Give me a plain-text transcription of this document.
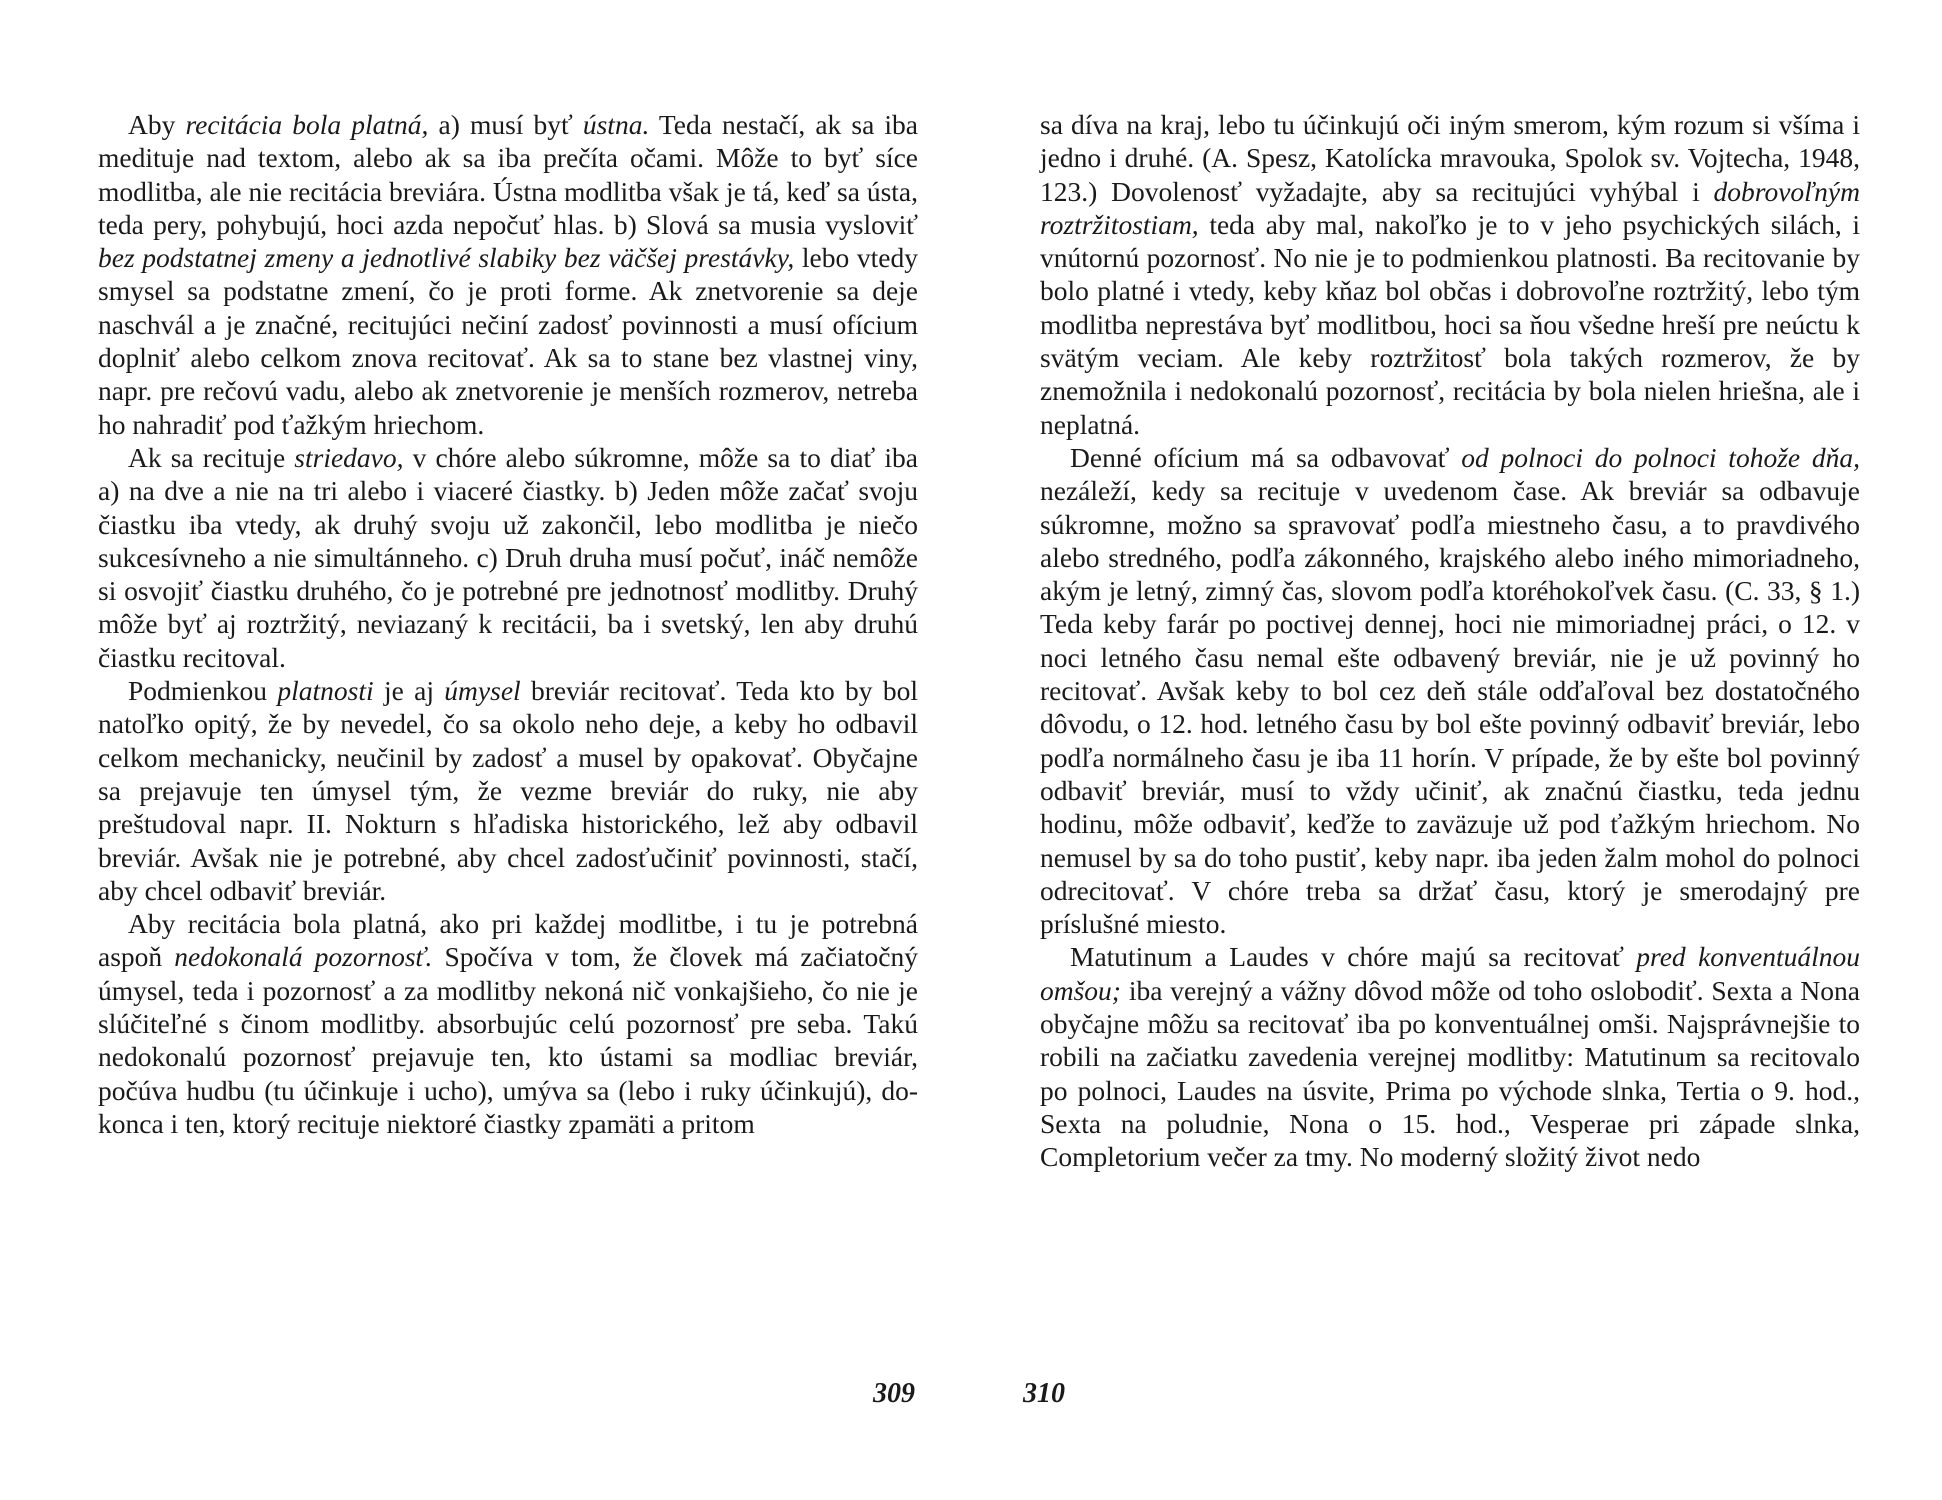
Aby recitácia bola platná, a) musí byť ústna. Teda nestačí, ak sa iba medituje nad textom, alebo ak sa iba prečíta očami. Môže to byť síce modlitba, ale nie recitácia breviára. Ústna modlitba však je tá, keď sa ústa, teda pery, pohybujú, hoci azda nepočuť hlas. b) Slová sa musia vysloviť bez podstatnej zmeny a jednotlivé slabiky bez väčšej prestávky, lebo vtedy smysel sa podstatne zmení, čo je proti forme. Ak znetvorenie sa deje naschvál a je značné, recitujúci nečiní zadosť povinnosti a musí ofícium doplniť alebo celkom znova recitovať. Ak sa to stane bez vlastnej viny, napr. pre rečovú vadu, alebo ak znetvorenie je menších rozmerov, netreba ho nahradiť pod ťažkým hriechom.

Ak sa recituje striedavo, v chóre alebo súkromne, môže sa to diať iba a) na dve a nie na tri alebo i viaceré čiastky. b) Jeden môže začať svoju čiastku iba vtedy, ak druhý svoju už zakončil, lebo modlitba je niečo sukcesívneho a nie simultánneho. c) Druh druha musí počuť, ináč nemôže si osvojiť čiastku druhého, čo je potrebné pre jednotnosť modlitby. Druhý môže byť aj roztržitý, neviazaný k recitácii, ba i svetský, len aby druhú čiastku recitoval.

Podmienkou platnosti je aj úmysel breviár recitovať. Teda kto by bol natoľko opitý, že by nevedel, čo sa okolo neho deje, a keby ho odbavil celkom mechanicky, neučinil by zadosť a musel by opakovať. Obyčajne sa prejavuje ten úmysel tým, že vezme breviár do ruky, nie aby preštudoval napr. II. Nokturn s hľadiska historického, lež aby odbavil breviár. Avšak nie je potrebné, aby chcel zadosťučiniť povinnosti, stačí, aby chcel odbaviť breviár.

Aby recitácia bola platná, ako pri každej modlitbe, i tu je potrebná aspoň nedokonalá pozornosť. Spočíva v tom, že človek má začiatočný úmysel, teda i pozornosť a za modlitby nekoná nič vonkajšieho, čo nie je slúčiteľné s činom modlitby. absorbujúc celú pozornosť pre seba. Takú nedokonalú pozornosť prejavuje ten, kto ústami sa modliac breviár, počúva hudbu (tu účinkuje i ucho), umýva sa (lebo i ruky účinkujú), dokonca i ten, ktorý recituje niektoré čiastky zpamäti a pritom

sa díva na kraj, lebo tu účinkujú oči iným smerom, kým rozum si všíma i jedno i druhé. (A. Spesz, Katolícka mravouka, Spolok sv. Vojtecha, 1948, 123.) Dovolenosť vyžadajte, aby sa recitujúci vyhýbal i dobrovoľným roztržitostiam, teda aby mal, nakoľko je to v jeho psychických silách, i vnútornú pozornosť. No nie je to podmienkou platnosti. Ba recitovanie by bolo platné i vtedy, keby kňaz bol občas i dobrovoľne roztržitý, lebo tým modlitba neprestáva byť modlitbou, hoci sa ňou všedne hreší pre neúctu k svätým veciam. Ale keby roztržitosť bola takých rozmerov, že by znemožnila i nedokonalú pozornosť, recitácia by bola nielen hriešna, ale i neplatná.

Denné ofícium má sa odbavovať od polnoci do polnoci tohože dňa, nezáleží, kedy sa recituje v uvedenom čase. Ak breviár sa odbavuje súkromne, možno sa spravovať podľa miestneho času, a to pravdivého alebo stredného, podľa zákonného, krajského alebo iného mimoriadneho, akým je letný, zimný čas, slovom podľa ktoréhokoľvek času. (C. 33, § 1.) Teda keby farár po poctivej dennej, hoci nie mimoriadnej práci, o 12. v noci letného času nemal ešte odbavený breviár, nie je už povinný ho recitovať. Avšak keby to bol cez deň stále odďaľoval bez dostatočného dôvodu, o 12. hod. letného času by bol ešte povinný odbaviť breviár, lebo podľa normálneho času je iba 11 horín. V prípade, že by ešte bol povinný odbaviť breviár, musí to vždy učiniť, ak značnú čiastku, teda jednu hodinu, môže odbaviť, keďže to zaväzuje už pod ťažkým hriechom. No nemusel by sa do toho pustiť, keby napr. iba jeden žalm mohol do polnoci odrecitovať. V chóre treba sa držať času, ktorý je smerodajný pre príslušné miesto.

Matutinum a Laudes v chóre majú sa recitovať pred konventuálnou omšou; iba verejný a vážny dôvod môže od toho oslobodiť. Sexta a Nona obyčajne môžu sa recitovať iba po konventuálnej omši. Najsprávnejšie to robili na začiatku zavedenia verejnej modlitby: Matutinum sa recitovalo po polnoci, Laudes na úsvite, Prima po východe slnka, Tertia o 9. hod., Sexta na poludnie, Nona o 15. hod., Vesperae pri západe slnka, Completorium večer za tmy. No moderný složitý život nedo

309	310
